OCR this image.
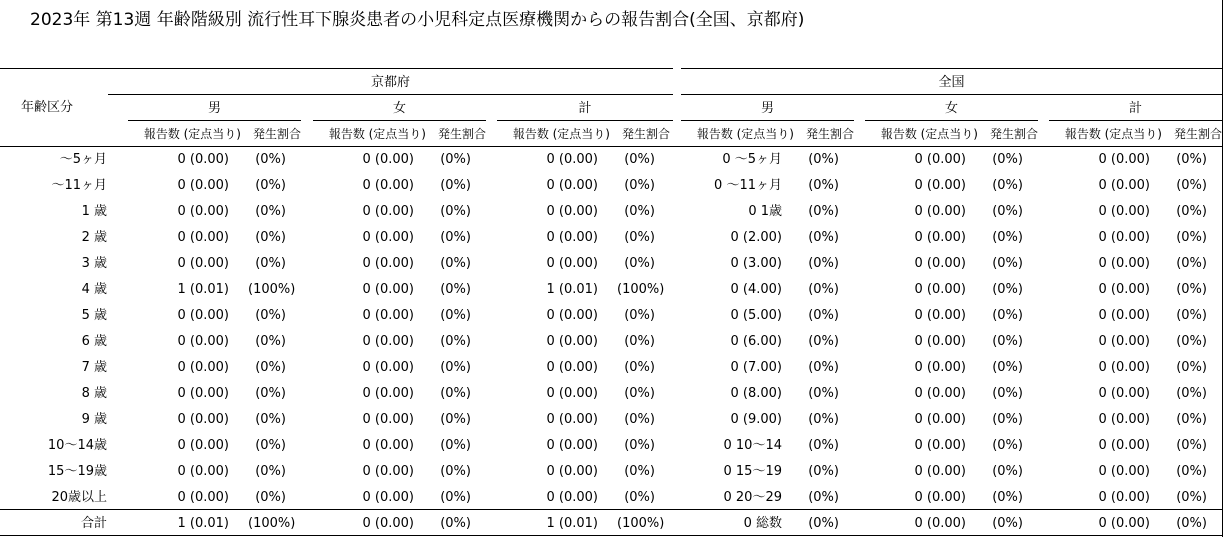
2023年 第13週 年齢階級別 流行性耳下腺炎患者の小児科定点医療機関からの報告割合(全国、京都府)
年齢区分
京都府	全国
男
報告数 (定点当り) 発生割合
女
報告数 (定点当り) 発生割合
計
報告数 (定点当り) 発生割合
男
報告数 (定点当り) 発生割合
女
報告数 (定点当り) 発生割合
計
報告数 (定点当り) 発生割合
～5ヶ月	0 (0.00)	(0%)	0 (0.00)	(0%)	0 (0.00)	(0%)	0 ～5ヶ月	(0%)	0 (0.00)	(0%)	0 (0.00)	(0%)
～11ヶ月	0 (0.00)	(0%)	0 (0.00)	(0%)	0 (0.00)	(0%)	0 ～11ヶ月	(0%)	0 (0.00)	(0%)	0 (0.00)	(0%)
1 歳	0 (0.00)	(0%)	0 (0.00)	(0%)	0 (0.00)	(0%)	0 1歳	(0%)	0 (0.00)	(0%)	0 (0.00)	(0%)
2 歳	0 (0.00)	(0%)	0 (0.00)	(0%)	0 (0.00)	(0%)	0 (2.00)	(0%)	0 (0.00)	(0%)	0 (0.00)	(0%)
3 歳	0 (0.00)	(0%)	0 (0.00)	(0%)	0 (0.00)	(0%)	0 (3.00)	(0%)	0 (0.00)	(0%)	0 (0.00)	(0%)
4 歳	1 (0.01) (100%)	0 (0.00)	(0%)	1 (0.01) (100%)	0 (4.00)	(0%)	0 (0.00)	(0%)	0 (0.00)	(0%)
5 歳	0 (0.00)	(0%)	0 (0.00)	(0%)	0 (0.00)	(0%)	0 (5.00)	(0%)	0 (0.00)	(0%)	0 (0.00)	(0%)
6 歳	0 (0.00)	(0%)	0 (0.00)	(0%)	0 (0.00)	(0%)	0 (6.00)	(0%)	0 (0.00)	(0%)	0 (0.00)	(0%)
7 歳	0 (0.00)	(0%)	0 (0.00)	(0%)	0 (0.00)	(0%)	0 (7.00)	(0%)	0 (0.00)	(0%)	0 (0.00)	(0%)
8 歳	0 (0.00)	(0%)	0 (0.00)	(0%)	0 (0.00)	(0%)	0 (8.00)	(0%)	0 (0.00)	(0%)	0 (0.00)	(0%)
9 歳	0 (0.00)	(0%)	0 (0.00)	(0%)	0 (0.00)	(0%)	0 (9.00)	(0%)	0 (0.00)	(0%)	0 (0.00)	(0%)
10～14歳	0 (0.00)	(0%)	0 (0.00)	(0%)	0 (0.00)	(0%)	0 10～14	(0%)	0 (0.00)	(0%)	0 (0.00)	(0%)
15～19歳	0 (0.00)	(0%)	0 (0.00)	(0%)	0 (0.00)	(0%)	0 15～19	(0%)	0 (0.00)	(0%)	0 (0.00)	(0%)
20歳以上	0 (0.00)	(0%)	0 (0.00)	(0%)	0 (0.00)	(0%)	0 20～29	(0%)	0 (0.00)	(0%)	0 (0.00)	(0%)
合計	1 (0.01) (100%)	0 (0.00)	(0%)	1 (0.01) (100%)	0 総数	(0%)	0 (0.00)	(0%)	0 (0.00)	(0%)
